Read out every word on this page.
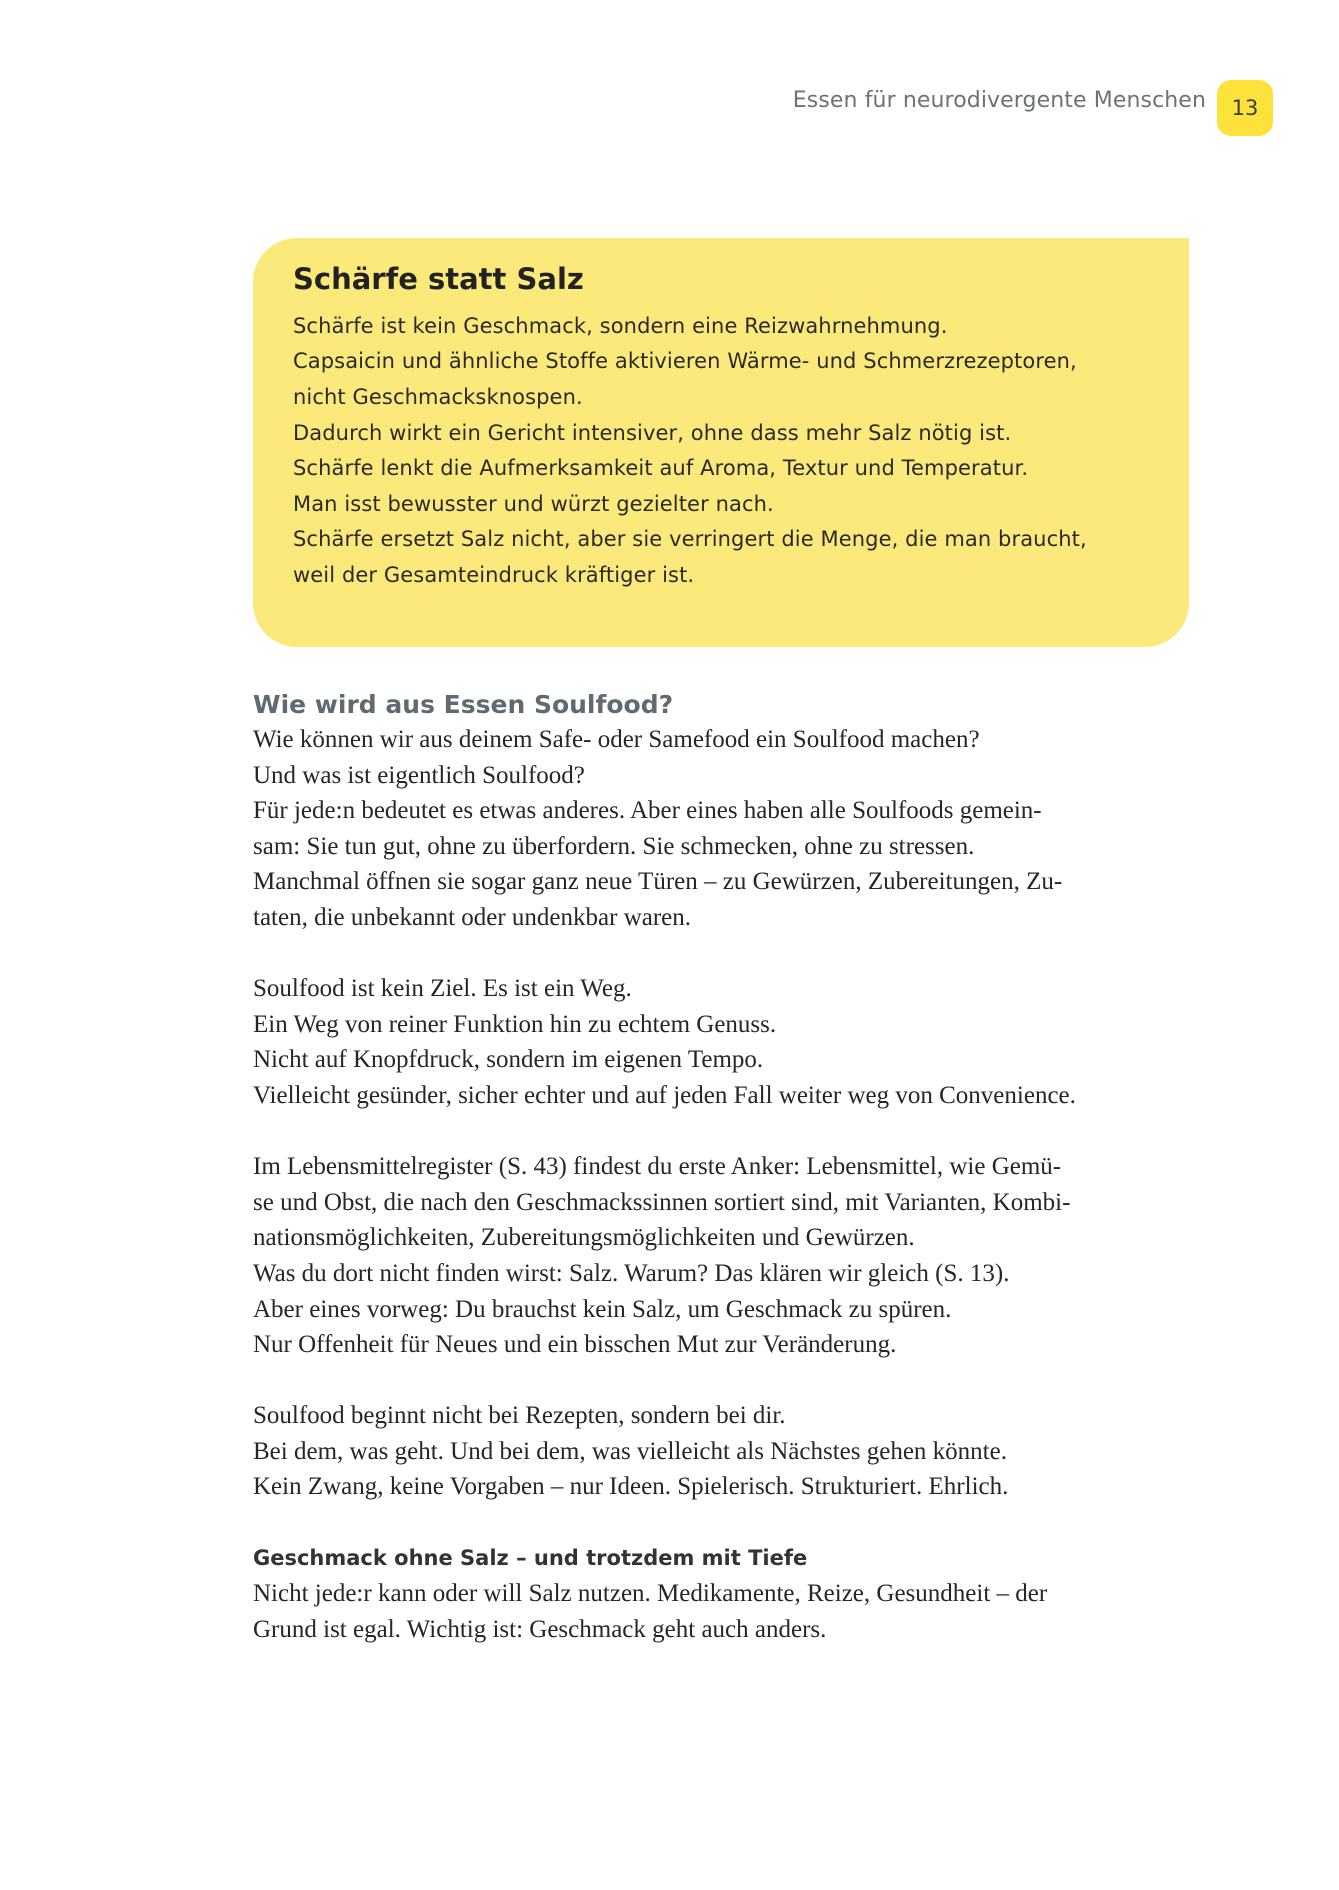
Essen für neurodivergente Menschen 13
Schärfe statt Salz
Schärfe ist kein Geschmack, sondern eine Reizwahrnehmung.
Capsaicin und ähnliche Stoffe aktivieren Wärme- und Schmerzrezeptoren,
nicht Geschmacksknospen.
Dadurch wirkt ein Gericht intensiver, ohne dass mehr Salz nötig ist.
Schärfe lenkt die Aufmerksamkeit auf Aroma, Textur und Temperatur.
Man isst bewusster und würzt gezielter nach.
Schärfe ersetzt Salz nicht, aber sie verringert die Menge, die man braucht,
weil der Gesamteindruck kräftiger ist.
Wie wird aus Essen Soulfood?
Wie können wir aus deinem Safe- oder Samefood ein Soulfood machen?
Und was ist eigentlich Soulfood?
Für jede:n bedeutet es etwas anderes. Aber eines haben alle Soulfoods gemein-
sam: Sie tun gut, ohne zu überfordern. Sie schmecken, ohne zu stressen.
Manchmal öffnen sie sogar ganz neue Türen – zu Gewürzen, Zubereitungen, Zu-
taten, die unbekannt oder undenkbar waren.
Soulfood ist kein Ziel. Es ist ein Weg.
Ein Weg von reiner Funktion hin zu echtem Genuss.
Nicht auf Knopfdruck, sondern im eigenen Tempo.
Vielleicht gesünder, sicher echter und auf jeden Fall weiter weg von Convenience.
Im Lebensmittelregister (S. 43) findest du erste Anker: Lebensmittel, wie Gemü-
se und Obst, die nach den Geschmackssinnen sortiert sind, mit Varianten, Kombi-
nationsmöglichkeiten, Zubereitungsmöglichkeiten und Gewürzen.
Was du dort nicht finden wirst: Salz. Warum? Das klären wir gleich (S. 13).
Aber eines vorweg: Du brauchst kein Salz, um Geschmack zu spüren.
Nur Offenheit für Neues und ein bisschen Mut zur Veränderung.
Soulfood beginnt nicht bei Rezepten, sondern bei dir.
Bei dem, was geht. Und bei dem, was vielleicht als Nächstes gehen könnte.
Kein Zwang, keine Vorgaben – nur Ideen. Spielerisch. Strukturiert. Ehrlich.
Geschmack ohne Salz – und trotzdem mit Tiefe
Nicht jede:r kann oder will Salz nutzen. Medikamente, Reize, Gesundheit – der
Grund ist egal. Wichtig ist: Geschmack geht auch anders.
